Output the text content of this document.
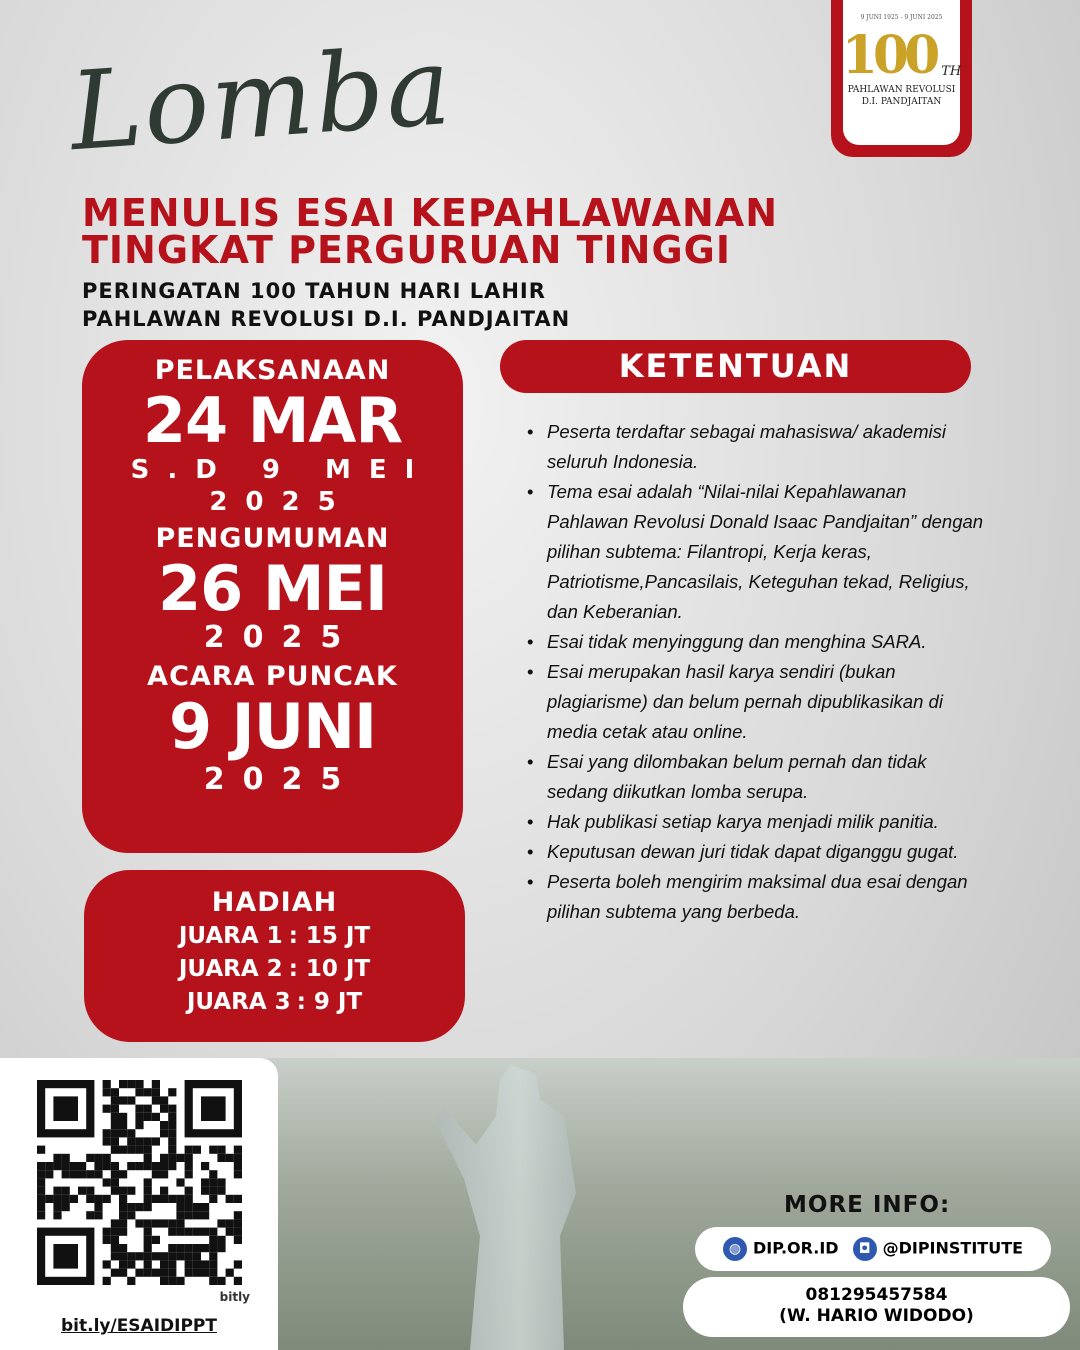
9 JUNI 1925 - 9 JUNI 2025
100 TH
PAHLAWAN REVOLUSI
D.I. PANDJAITAN
Lomba
MENULIS ESAI KEPAHLAWANAN
TINGKAT PERGURUAN TINGGI
PERINGATAN 100 TAHUN HARI LAHIR
PAHLAWAN REVOLUSI D.I. PANDJAITAN
PELAKSANAAN
24 MAR
S.D 9 MEI
2025
PENGUMUMAN
26 MEI
2025
ACARA PUNCAK
9 JUNI
2025
HADIAH
JUARA 1 : 15 JT
JUARA 2 : 10 JT
JUARA 3 : 9 JT
KETENTUAN
• Peserta terdaftar sebagai mahasiswa/ akademisi seluruh Indonesia.
• Tema esai adalah “Nilai-nilai Kepahlawanan Pahlawan Revolusi Donald Isaac Pandjaitan” dengan pilihan subtema: Filantropi, Kerja keras, Patriotisme,Pancasilais, Keteguhan tekad, Religius, dan Keberanian.
• Esai tidak menyinggung dan menghina SARA.
• Esai merupakan hasil karya sendiri (bukan plagiarisme) dan belum pernah dipublikasikan di media cetak atau online.
• Esai yang dilombakan belum pernah dan tidak sedang diikutkan lomba serupa.
• Hak publikasi setiap karya menjadi milik panitia.
• Keputusan dewan juri tidak dapat diganggu gugat.
• Peserta boleh mengirim maksimal dua esai dengan pilihan subtema yang berbeda.
bitly
bit.ly/ESAIDIPPT
MORE INFO:
◍ DIP.OR.ID	◘ @DIPINSTITUTE
081295457584
(W. HARIO WIDODO)
